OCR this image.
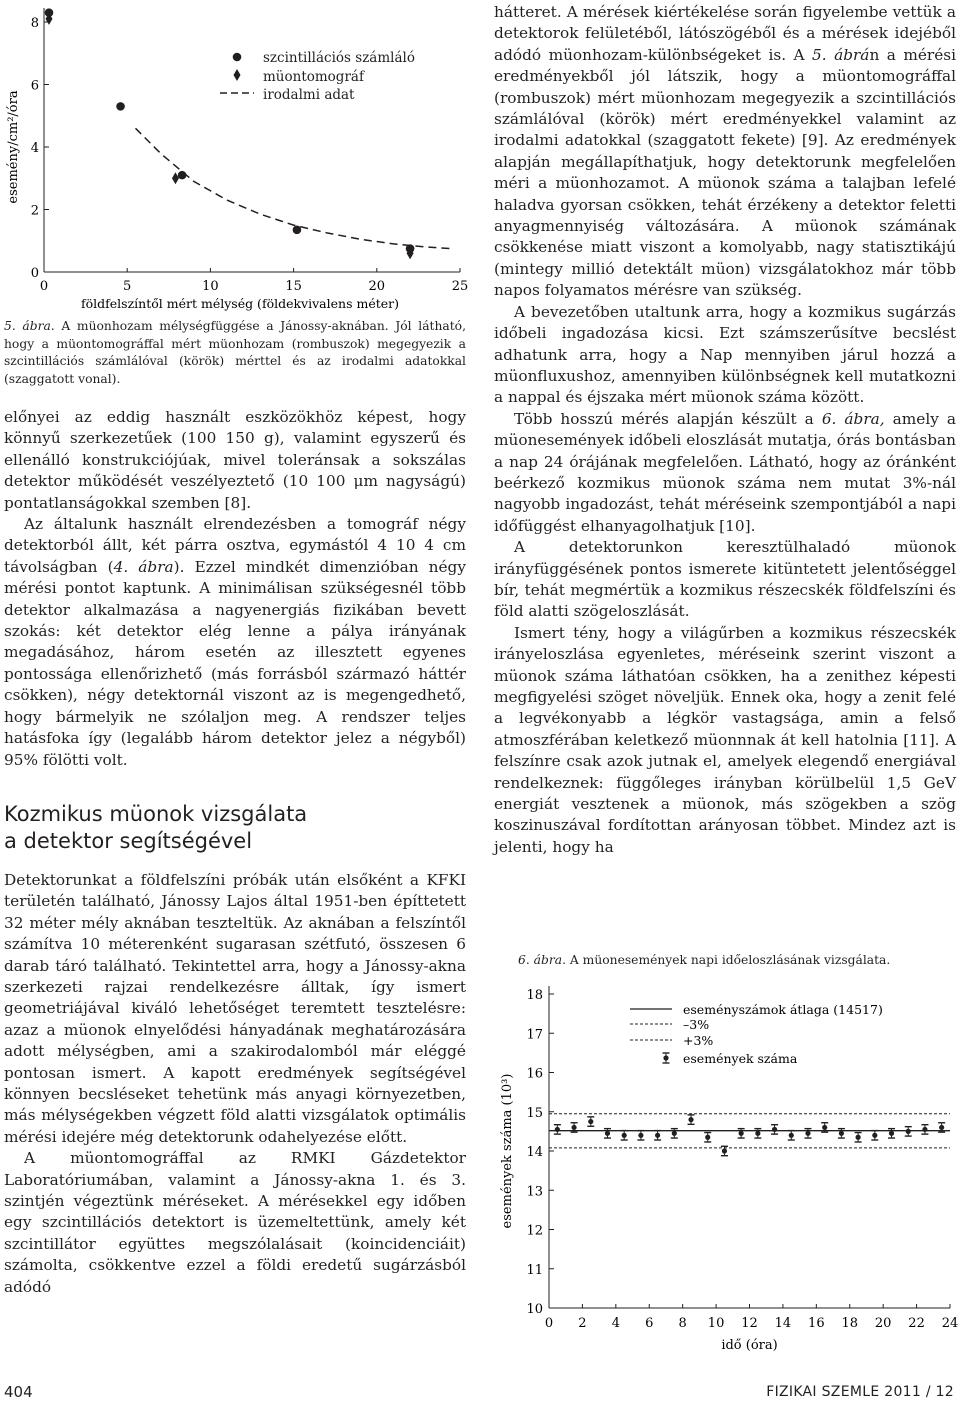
0
2
4
6
8
0	5	10	15	20	25
földfelszíntől mért mélység (földekvivalens méter)
esemény/cm²/óra
szcintillációs számláló
müontomográf
irodalmi adat

5. ábra. A müonhozam mélységfüggése a Jánossy-aknában. Jól látható, hogy a müontomográffal mért müonhozam (rombuszok) megegyezik a szcintillációs számlálóval (körök) mérttel és az irodalmi adatokkal (szaggatott vonal).

előnyei az eddig használt eszközökhöz képest, hogy könnyű szerkezetűek (100 150 g), valamint egyszerű és ellenálló konstrukciójúak, mivel toleránsak a sokszálas detektor működését veszélyeztető (10 100 μm nagyságú) pontatlanságokkal szemben [8].

Az általunk használt elrendezésben a tomográf négy detektorból állt, két párra osztva, egymástól 4 10 4 cm távolságban (4. ábra). Ezzel mindkét dimenzióban négy mérési pontot kaptunk. A minimálisan szükségesnél több detektor alkalmazása a nagyenergiás fizikában bevett szokás: két detektor elég lenne a pálya irányának megadásához, három esetén az illesztett egyenes pontossága ellenőrizhető (más forrásból származó háttér csökken), négy detektornál viszont az is megengedhető, hogy bármelyik ne szólaljon meg. A rendszer teljes hatásfoka így (legalább három detektor jelez a négyből) 95% fölötti volt.

Kozmikus müonok vizsgálata
a detektor segítségével

Detektorunkat a földfelszíni próbák után elsőként a KFKI területén található, Jánossy Lajos által 1951-ben építtetett 32 méter mély aknában teszteltük. Az aknában a felszíntől számítva 10 méterenként sugarasan szétfutó, összesen 6 darab táró található. Tekintettel arra, hogy a Jánossy-akna szerkezeti rajzai rendelkezésre álltak, így ismert geometriájával kiváló lehetőséget teremtett tesztelésre: azaz a müonok elnyelődési hányadának meghatározására adott mélységben, ami a szakirodalomból már eléggé pontosan ismert. A kapott eredmények segítségével könnyen becsléseket tehetünk más anyagi környezetben, más mélységekben végzett föld alatti vizsgálatok optimális mérési idejére még detektorunk odahelyezése előtt.

A müontomográffal az RMKI Gázdetektor Laboratóriumában, valamint a Jánossy-akna 1. és 3. szintjén végeztünk méréseket. A mérésekkel egy időben egy szcintillációs detektort is üzemeltettünk, amely két szcintillátor együttes megszólalásait (koincidenciáit) számolta, csökkentve ezzel a földi eredetű sugárzásból adódó

hátteret. A mérések kiértékelése során figyelembe vettük a detektorok felületéből, látószögéből és a mérések idejéből adódó müonhozam-különbségeket is. A 5. ábrán a mérési eredményekből jól látszik, hogy a müontomográffal (rombuszok) mért müonhozam megegyezik a szcintillációs számlálóval (körök) mért eredményekkel valamint az irodalmi adatokkal (szaggatott fekete) [9]. Az eredmények alapján megállapíthatjuk, hogy detektorunk megfelelően méri a müonhozamot. A müonok száma a talajban lefelé haladva gyorsan csökken, tehát érzékeny a detektor feletti anyagmennyiség változására. A müonok számának csökkenése miatt viszont a komolyabb, nagy statisztikájú (mintegy millió detektált müon) vizsgálatokhoz már több napos folyamatos mérésre van szükség.

A bevezetőben utaltunk arra, hogy a kozmikus sugárzás időbeli ingadozása kicsi. Ezt számszerűsítve becslést adhatunk arra, hogy a Nap mennyiben járul hozzá a müonfluxushoz, amennyiben különbségnek kell mutatkozni a nappal és éjszaka mért müonok száma között.

Több hosszú mérés alapján készült a 6. ábra, amely a müonesemények időbeli eloszlását mutatja, órás bontásban a nap 24 órájának megfelelően. Látható, hogy az óránként beérkező kozmikus müonok száma nem mutat 3%-nál nagyobb ingadozást, tehát méréseink szempontjából a napi időfüggést elhanyagolhatjuk [10].

A detektorunkon keresztülhaladó müonok irányfüggésének pontos ismerete kitüntetett jelentőséggel bír, tehát megmértük a kozmikus részecskék földfelszíni és föld alatti szögeloszlását.

Ismert tény, hogy a világűrben a kozmikus részecskék irányeloszlása egyenletes, méréseink szerint viszont a müonok száma láthatóan csökken, ha a zenithez képesti megfigyelési szöget növeljük. Ennek oka, hogy a zenit felé a legvékonyabb a légkör vastagsága, amin a felső atmoszférában keletkező müonnnak át kell hatolnia [11]. A felszínre csak azok jutnak el, amelyek elegendő energiával rendelkeznek: függőleges irányban körülbelül 1,5 GeV energiát vesztenek a müonok, más szögekben a szög koszinuszával fordítottan arányosan többet. Mindez azt is jelenti, hogy ha

6. ábra. A müonesemények napi időeloszlásának vizsgálata.

10
11
12
13
14
15
16
17
18
0 2 4 6 8 10 12 14 16 18 20 22 24
idő (óra)
események száma (10³)
eseményszámok átlaga (14517)
–3%
+3%
események száma
404	FIZIKAI SZEMLE 2011 / 12
